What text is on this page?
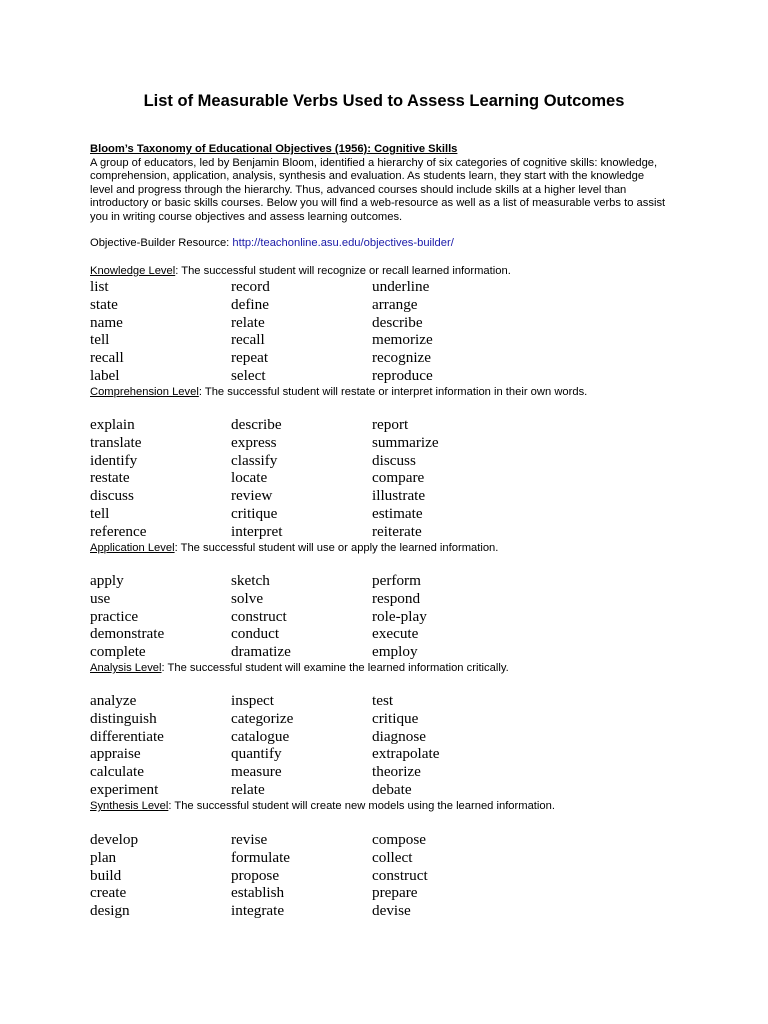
List of Measurable Verbs Used to Assess Learning Outcomes

Bloom’s Taxonomy of Educational Objectives (1956): Cognitive Skills

A group of educators, led by Benjamin Bloom, identified a hierarchy of six categories of cognitive skills: knowledge,
comprehension, application, analysis, synthesis and evaluation. As students learn, they start with the knowledge
level and progress through the hierarchy. Thus, advanced courses should include skills at a higher level than
introductory or basic skills courses. Below you will find a web-resource as well as a list of measurable verbs to assist
you in writing course objectives and assess learning outcomes.

Objective-Builder Resource: http://teachonline.asu.edu/objectives-builder/
Knowledge Level: The successful student will recognize or recall learned information.
list	record	underline
state	define	arrange
name	relate	describe
tell	recall	memorize
recall	repeat	recognize
label	select	reproduce
Comprehension Level: The successful student will restate or interpret information in their own words.
explain	describe	report
translate	express	summarize
identify	classify	discuss
restate	locate	compare
discuss	review	illustrate
tell	critique	estimate
reference	interpret	reiterate
Application Level: The successful student will use or apply the learned information.
apply	sketch	perform
use	solve	respond
practice	construct	role-play
demonstrate	conduct	execute
complete	dramatize	employ
Analysis Level: The successful student will examine the learned information critically.
analyze	inspect	test
distinguish	categorize	critique
differentiate	catalogue	diagnose
appraise	quantify	extrapolate
calculate	measure	theorize
experiment	relate	debate
Synthesis Level: The successful student will create new models using the learned information.
develop	revise	compose
plan	formulate	collect
build	propose	construct
create	establish	prepare
design	integrate	devise
